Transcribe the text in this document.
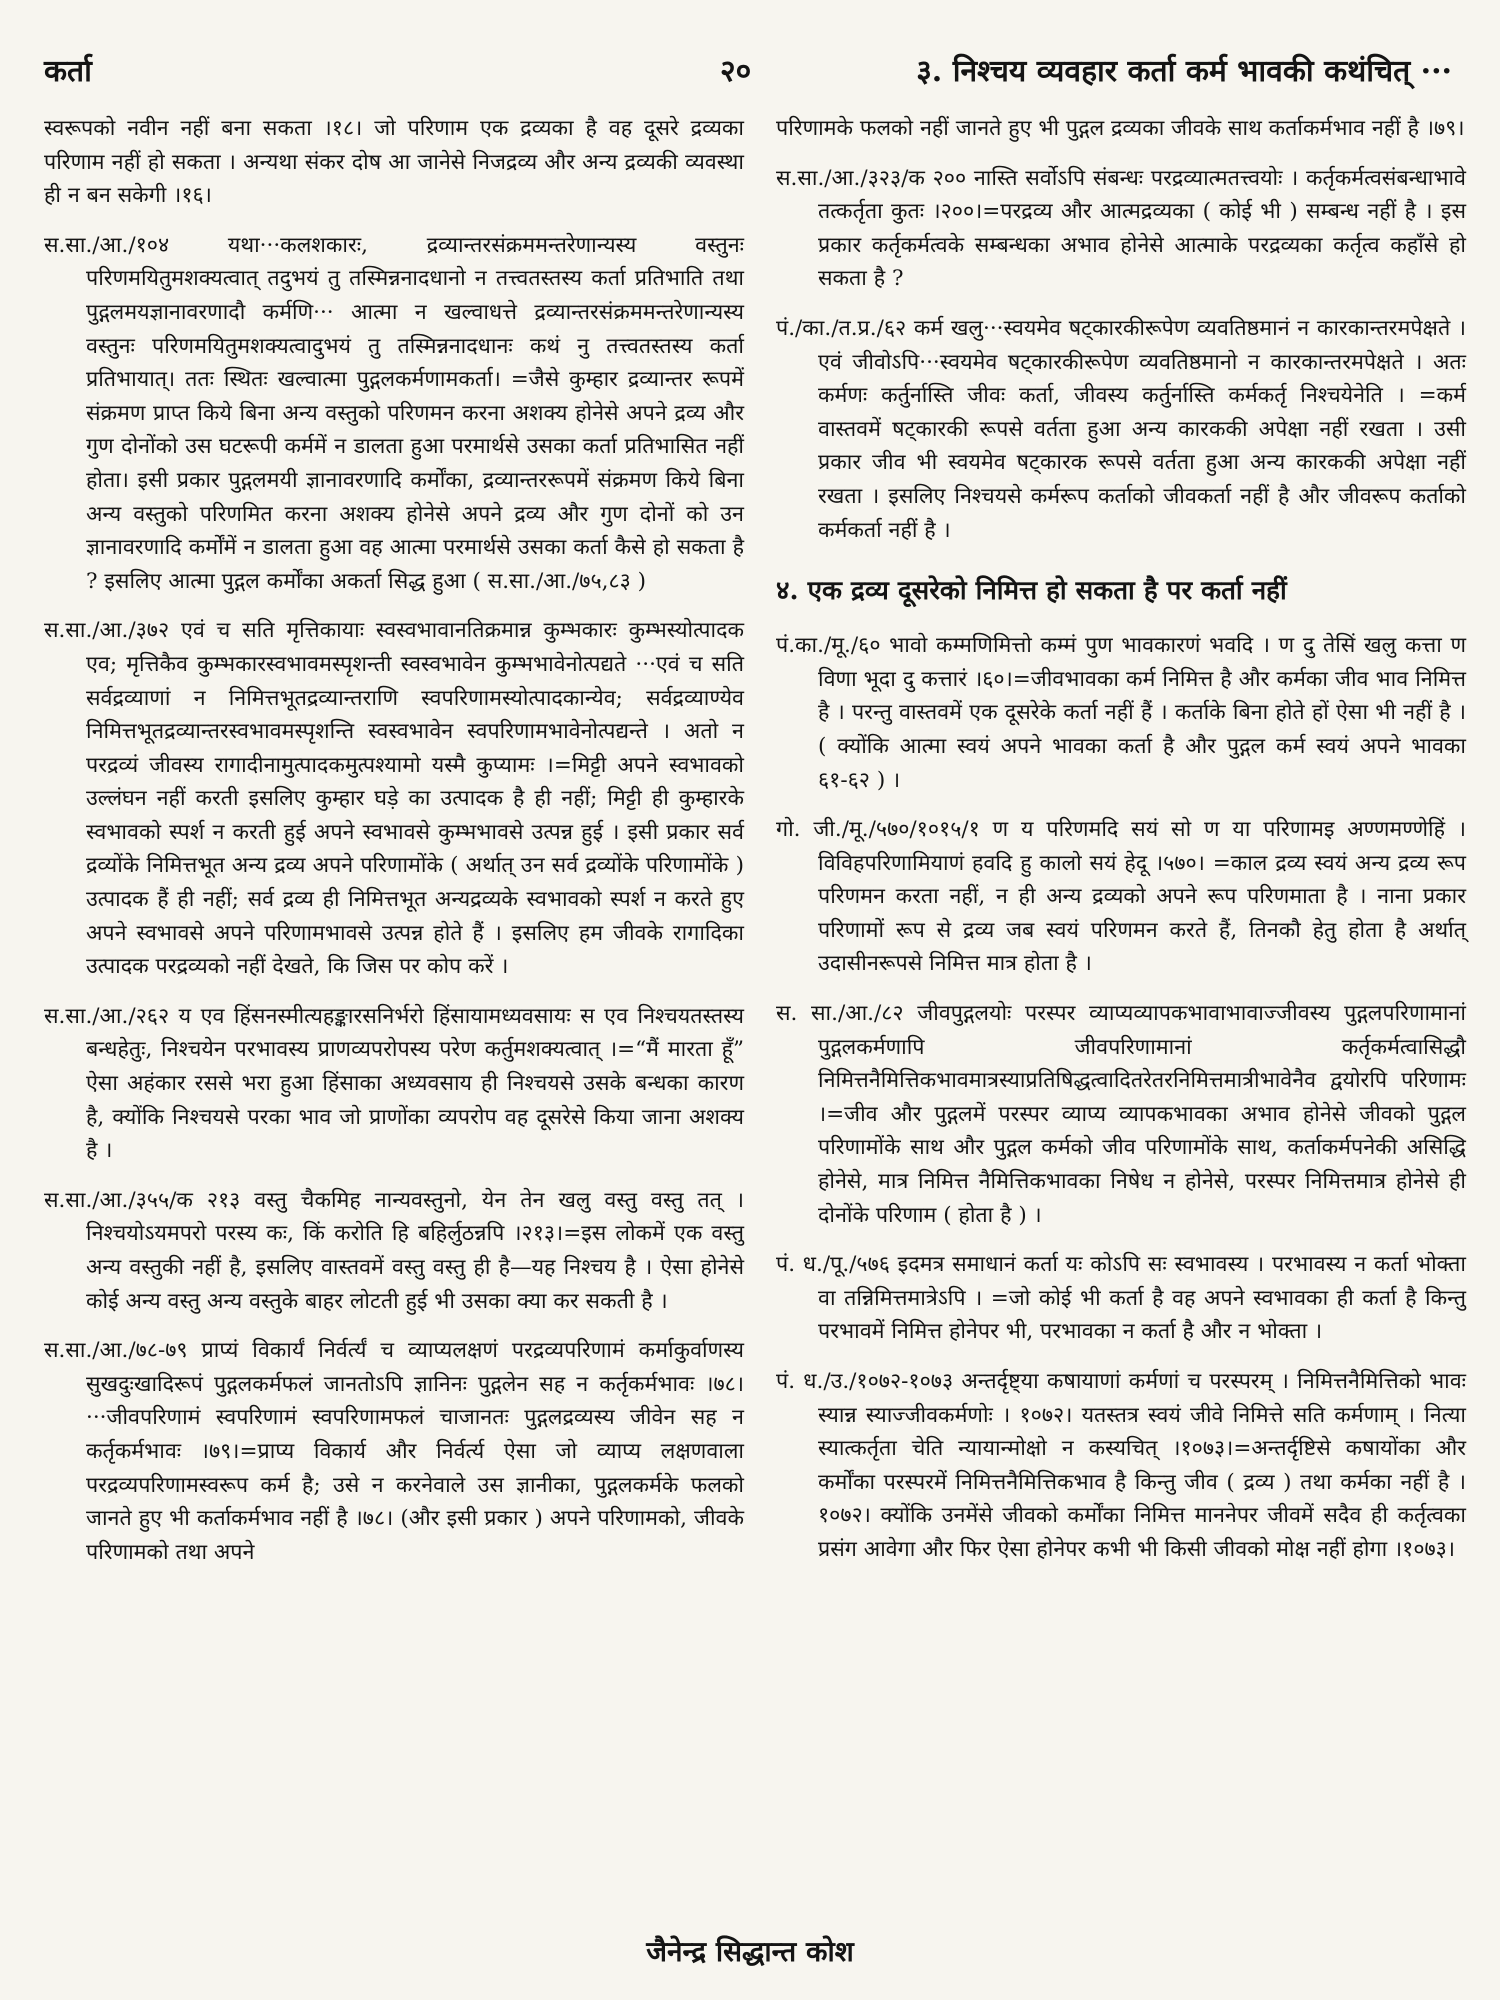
कर्ता	२०	३. निश्चय व्यवहार कर्ता कर्म भावकी कथंचित् ···

स्वरूपको नवीन नहीं बना सकता ।१८। जो परिणाम एक द्रव्यका है वह दूसरे द्रव्यका परिणाम नहीं हो सकता । अन्यथा संकर दोष आ जानेसे निजद्रव्य और अन्य द्रव्यकी व्यवस्था ही न बन सकेगी ।१६।

स.सा./आ./१०४ यथा···कलशकारः, द्रव्यान्तरसंक्रममन्तरेणान्यस्य वस्तुनः परिणमयितुमशक्यत्वात् तदुभयं तु तस्मिन्ननादधानो न तत्त्वतस्तस्य कर्ता प्रतिभाति तथा पुद्गलमयज्ञानावरणादौ कर्मणि··· आत्मा न खल्वाधत्ते द्रव्यान्तरसंक्रममन्तरेणान्यस्य वस्तुनः परिणमयितुमशक्यत्वादुभयं तु तस्मिन्ननादधानः कथं नु तत्त्वतस्तस्य कर्ता प्रतिभायात्। ततः स्थितः खल्वात्मा पुद्गलकर्मणामकर्ता। =जैसे कुम्हार द्रव्यान्तर रूपमें संक्रमण प्राप्त किये बिना अन्य वस्तुको परिणमन करना अशक्य होनेसे अपने द्रव्य और गुण दोनोंको उस घटरूपी कर्ममें न डालता हुआ परमार्थसे उसका कर्ता प्रतिभासित नहीं होता। इसी प्रकार पुद्गलमयी ज्ञानावरणादि कर्मोंका, द्रव्यान्तररूपमें संक्रमण किये बिना अन्य वस्तुको परिणमित करना अशक्य होनेसे अपने द्रव्य और गुण दोनों को उन ज्ञानावरणादि कर्मोंमें न डालता हुआ वह आत्मा परमार्थसे उसका कर्ता कैसे हो सकता है ? इसलिए आत्मा पुद्गल कर्मोंका अकर्ता सिद्ध हुआ ( स.सा./आ./७५,८३ )

स.सा./आ./३७२ एवं च सति मृत्तिकायाः स्वस्वभावानतिक्रमान्न कुम्भकारः कुम्भस्योत्पादक एव; मृत्तिकैव कुम्भकारस्वभावमस्पृशन्ती स्वस्वभावेन कुम्भभावेनोत्पद्यते ···एवं च सति सर्वद्रव्याणां न निमित्तभूतद्रव्यान्तराणि स्वपरिणामस्योत्पादकान्येव; सर्वद्रव्याण्येव निमित्तभूतद्रव्यान्तरस्वभावमस्पृशन्ति स्वस्वभावेन स्वपरिणामभावेनोत्पद्यन्ते । अतो न परद्रव्यं जीवस्य रागादीनामुत्पादकमुत्पश्यामो यस्मै कुप्यामः ।=मिट्टी अपने स्वभावको उल्लंघन नहीं करती इसलिए कुम्हार घड़े का उत्पादक है ही नहीं; मिट्टी ही कुम्हारके स्वभावको स्पर्श न करती हुई अपने स्वभावसे कुम्भभावसे उत्पन्न हुई । इसी प्रकार सर्व द्रव्योंके निमित्तभूत अन्य द्रव्य अपने परिणामोंके ( अर्थात् उन सर्व द्रव्योंके परिणामोंके ) उत्पादक हैं ही नहीं; सर्व द्रव्य ही निमित्तभूत अन्यद्रव्यके स्वभावको स्पर्श न करते हुए अपने स्वभावसे अपने परिणामभावसे उत्पन्न होते हैं । इसलिए हम जीवके रागादिका उत्पादक परद्रव्यको नहीं देखते, कि जिस पर कोप करें ।

स.सा./आ./२६२ य एव हिंसनस्मीत्यहङ्कारसनिर्भरो हिंसायामध्यवसायः स एव निश्चयतस्तस्य बन्धहेतुः, निश्चयेन परभावस्य प्राणव्यपरोपस्य परेण कर्तुमशक्यत्वात् ।=“मैं मारता हूँ” ऐसा अहंकार रससे भरा हुआ हिंसाका अध्यवसाय ही निश्चयसे उसके बन्धका कारण है, क्योंकि निश्चयसे परका भाव जो प्राणोंका व्यपरोप वह दूसरेसे किया जाना अशक्य है ।

स.सा./आ./३५५/क २१३ वस्तु चैकमिह नान्यवस्तुनो, येन तेन खलु वस्तु वस्तु तत् । निश्चयोऽयमपरो परस्य कः, किं करोति हि बहिर्लुठन्नपि ।२१३।=इस लोकमें एक वस्तु अन्य वस्तुकी नहीं है, इसलिए वास्तवमें वस्तु वस्तु ही है—यह निश्चय है । ऐसा होनेसे कोई अन्य वस्तु अन्य वस्तुके बाहर लोटती हुई भी उसका क्या कर सकती है ।

स.सा./आ./७८-७९ प्राप्यं विकार्यं निर्वर्त्यं च व्याप्यलक्षणं परद्रव्यपरिणामं कर्माकुर्वाणस्य सुखदुःखादिरूपं पुद्गलकर्मफलं जानतोऽपि ज्ञानिनः पुद्गलेन सह न कर्तृकर्मभावः ।७८।···जीवपरिणामं स्वपरिणामं स्वपरिणामफलं चाजानतः पुद्गलद्रव्यस्य जीवेन सह न कर्तृकर्मभावः ।७९।=प्राप्य विकार्य और निर्वर्त्य ऐसा जो व्याप्य लक्षणवाला परद्रव्यपरिणामस्वरूप कर्म है; उसे न करनेवाले उस ज्ञानीका, पुद्गलकर्मके फलको जानते हुए भी कर्ताकर्मभाव नहीं है ।७८। (और इसी प्रकार ) अपने परिणामको, जीवके परिणामको तथा अपने

परिणामके फलको नहीं जानते हुए भी पुद्गल द्रव्यका जीवके साथ कर्ताकर्मभाव नहीं है ।७९।

स.सा./आ./३२३/क २०० नास्ति सर्वोऽपि संबन्धः परद्रव्यात्मतत्त्वयोः । कर्तृकर्मत्वसंबन्धाभावे तत्कर्तृता कुतः ।२००।=परद्रव्य और आत्मद्रव्यका ( कोई भी ) सम्बन्ध नहीं है । इस प्रकार कर्तृकर्मत्वके सम्बन्धका अभाव होनेसे आत्माके परद्रव्यका कर्तृत्व कहाँसे हो सकता है ?

पं./का./त.प्र./६२ कर्म खलु···स्वयमेव षट्कारकीरूपेण व्यवतिष्ठमानं न कारकान्तरमपेक्षते । एवं जीवोऽपि···स्वयमेव षट्कारकीरूपेण व्यवतिष्ठमानो न कारकान्तरमपेक्षते । अतः कर्मणः कर्तुर्नास्ति जीवः कर्ता, जीवस्य कर्तुर्नास्ति कर्मकर्तृ निश्चयेनेति । =कर्म वास्तवमें षट्कारकी रूपसे वर्तता हुआ अन्य कारककी अपेक्षा नहीं रखता । उसी प्रकार जीव भी स्वयमेव षट्कारक रूपसे वर्तता हुआ अन्य कारककी अपेक्षा नहीं रखता । इसलिए निश्चयसे कर्मरूप कर्ताको जीवकर्ता नहीं है और जीवरूप कर्ताको कर्मकर्ता नहीं है ।

४. एक द्रव्य दूसरेको निमित्त हो सकता है पर कर्ता नहीं

पं.का./मू./६० भावो कम्मणिमित्तो कम्मं पुण भावकारणं भवदि । ण दु तेसिं खलु कत्ता ण विणा भूदा दु कत्तारं ।६०।=जीवभावका कर्म निमित्त है और कर्मका जीव भाव निमित्त है । परन्तु वास्तवमें एक दूसरेके कर्ता नहीं हैं । कर्ताके बिना होते हों ऐसा भी नहीं है । ( क्योंकि आत्मा स्वयं अपने भावका कर्ता है और पुद्गल कर्म स्वयं अपने भावका ६१-६२ ) ।

गो. जी./मू./५७०/१०१५/१ ण य परिणमदि सयं सो ण या परिणामइ अण्णमण्णेहिं । विविहपरिणामियाणं हवदि हु कालो सयं हेदू ।५७०। =काल द्रव्य स्वयं अन्य द्रव्य रूप परिणमन करता नहीं, न ही अन्य द्रव्यको अपने रूप परिणमाता है । नाना प्रकार परिणामों रूप से द्रव्य जब स्वयं परिणमन करते हैं, तिनकौ हेतु होता है अर्थात् उदासीनरूपसे निमित्त मात्र होता है ।

स. सा./आ./८२ जीवपुद्गलयोः परस्पर व्याप्यव्यापकभावाभावाज्जीवस्य पुद्गलपरिणामानां पुद्गलकर्मणापि जीवपरिणामानां कर्तृकर्मत्वासिद्धौ निमित्तनैमित्तिकभावमात्रस्याप्रतिषिद्धत्वादितरेतरनिमित्तमात्रीभावेनैव द्वयोरपि परिणामः ।=जीव और पुद्गलमें परस्पर व्याप्य व्यापकभावका अभाव होनेसे जीवको पुद्गल परिणामोंके साथ और पुद्गल कर्मको जीव परिणामोंके साथ, कर्ताकर्मपनेकी असिद्धि होनेसे, मात्र निमित्त नैमित्तिकभावका निषेध न होनेसे, परस्पर निमित्तमात्र होनेसे ही दोनोंके परिणाम ( होता है ) ।

पं. ध./पू./५७६ इदमत्र समाधानं कर्ता यः कोऽपि सः स्वभावस्य । परभावस्य न कर्ता भोक्ता वा तन्निमित्तमात्रेऽपि । =जो कोई भी कर्ता है वह अपने स्वभावका ही कर्ता है किन्तु परभावमें निमित्त होनेपर भी, परभावका न कर्ता है और न भोक्ता ।

पं. ध./उ./१०७२-१०७३ अन्तर्दृष्ट्या कषायाणां कर्मणां च परस्परम् । निमित्तनैमित्तिको भावः स्यान्न स्याज्जीवकर्मणोः । १०७२। यतस्तत्र स्वयं जीवे निमित्ते सति कर्मणाम् । नित्या स्यात्कर्तृता चेति न्यायान्मोक्षो न कस्यचित् ।१०७३।=अन्तर्दृष्टिसे कषायोंका और कर्मोंका परस्परमें निमित्तनैमित्तिकभाव है किन्तु जीव ( द्रव्य ) तथा कर्मका नहीं है ।१०७२। क्योंकि उनमेंसे जीवको कर्मोंका निमित्त माननेपर जीवमें सदैव ही कर्तृत्वका प्रसंग आवेगा और फिर ऐसा होनेपर कभी भी किसी जीवको मोक्ष नहीं होगा ।१०७३।

जैनेन्द्र सिद्धान्त कोश
